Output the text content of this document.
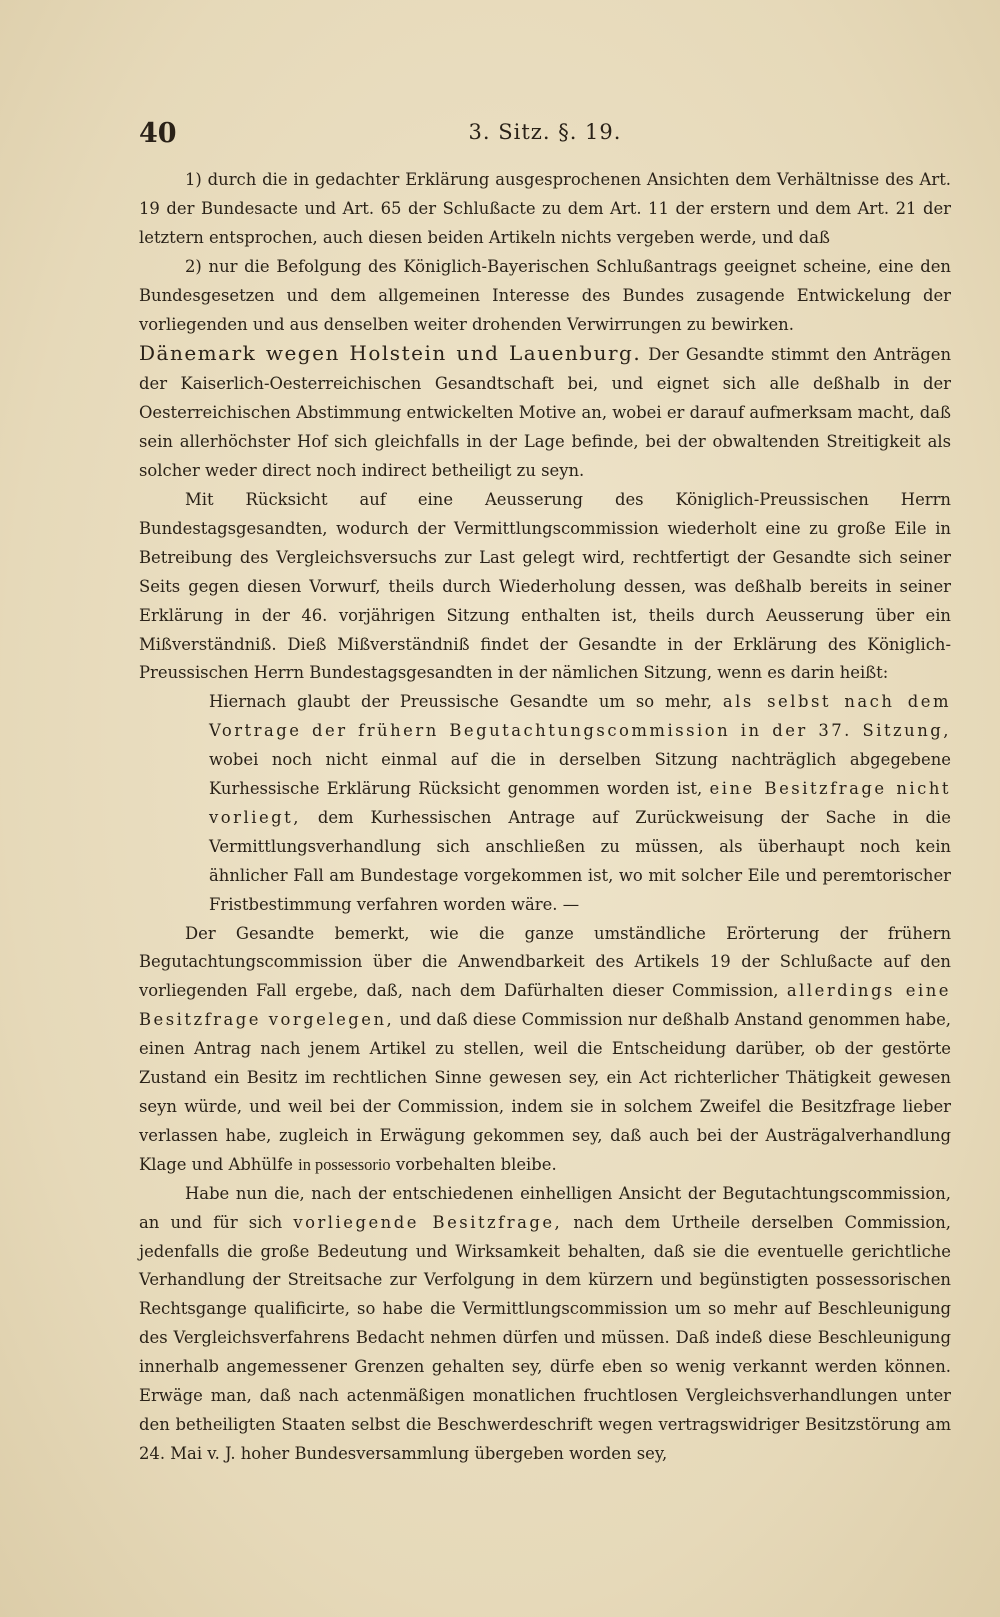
40	3. Sitz. §. 19.

1) durch die in gedachter Erklärung ausgesprochenen Ansichten dem Verhältnisse des Art. 19 der Bundesacte und Art. 65 der Schlußacte zu dem Art. 11 der erstern und dem Art. 21 der letztern entsprochen, auch diesen beiden Artikeln nichts vergeben werde, und daß

2) nur die Befolgung des Königlich-Bayerischen Schlußantrags geeignet scheine, eine den Bundesgesetzen und dem allgemeinen Interesse des Bundes zusagende Entwickelung der vorliegenden und aus denselben weiter drohenden Verwirrungen zu bewirken.

Dänemark wegen Holstein und Lauenburg. Der Gesandte stimmt den Anträgen der Kaiserlich-Oesterreichischen Gesandtschaft bei, und eignet sich alle deßhalb in der Oesterreichischen Abstimmung entwickelten Motive an, wobei er darauf aufmerksam macht, daß sein allerhöchster Hof sich gleichfalls in der Lage befinde, bei der obwaltenden Streitigkeit als solcher weder direct noch indirect betheiligt zu seyn.

Mit Rücksicht auf eine Aeusserung des Königlich-Preussischen Herrn Bundestagsgesandten, wodurch der Vermittlungscommission wiederholt eine zu große Eile in Betreibung des Vergleichsversuchs zur Last gelegt wird, rechtfertigt der Gesandte sich seiner Seits gegen diesen Vorwurf, theils durch Wiederholung dessen, was deßhalb bereits in seiner Erklärung in der 46. vorjährigen Sitzung enthalten ist, theils durch Aeusserung über ein Mißverständniß. Dieß Mißverständniß findet der Gesandte in der Erklärung des Königlich-Preussischen Herrn Bundestagsgesandten in der nämlichen Sitzung, wenn es darin heißt:

Hiernach glaubt der Preussische Gesandte um so mehr, als selbst nach dem Vortrage der frühern Begutachtungscommission in der 37. Sitzung, wobei noch nicht einmal auf die in derselben Sitzung nachträglich abgegebene Kurhessische Erklärung Rücksicht genommen worden ist, eine Besitzfrage nicht vorliegt, dem Kurhessischen Antrage auf Zurückweisung der Sache in die Vermittlungsverhandlung sich anschließen zu müssen, als überhaupt noch kein ähnlicher Fall am Bundestage vorgekommen ist, wo mit solcher Eile und peremtorischer Fristbestimmung verfahren worden wäre. —

Der Gesandte bemerkt, wie die ganze umständliche Erörterung der frühern Begutachtungscommission über die Anwendbarkeit des Artikels 19 der Schlußacte auf den vorliegenden Fall ergebe, daß, nach dem Dafürhalten dieser Commission, allerdings eine Besitzfrage vorgelegen, und daß diese Commission nur deßhalb Anstand genommen habe, einen Antrag nach jenem Artikel zu stellen, weil die Entscheidung darüber, ob der gestörte Zustand ein Besitz im rechtlichen Sinne gewesen sey, ein Act richterlicher Thätigkeit gewesen seyn würde, und weil bei der Commission, indem sie in solchem Zweifel die Besitzfrage lieber verlassen habe, zugleich in Erwägung gekommen sey, daß auch bei der Austrägalverhandlung Klage und Abhülfe in possessorio vorbehalten bleibe.

Habe nun die, nach der entschiedenen einhelligen Ansicht der Begutachtungscommission, an und für sich vorliegende Besitzfrage, nach dem Urtheile derselben Commission, jedenfalls die große Bedeutung und Wirksamkeit behalten, daß sie die eventuelle gerichtliche Verhandlung der Streitsache zur Verfolgung in dem kürzern und begünstigten possessorischen Rechtsgange qualificirte, so habe die Vermittlungscommission um so mehr auf Beschleunigung des Vergleichsverfahrens Bedacht nehmen dürfen und müssen. Daß indeß diese Beschleunigung innerhalb angemessener Grenzen gehalten sey, dürfe eben so wenig verkannt werden können. Erwäge man, daß nach actenmäßigen monatlichen fruchtlosen Vergleichsverhandlungen unter den betheiligten Staaten selbst die Beschwerdeschrift wegen vertragswidriger Besitzstörung am 24. Mai v. J. hoher Bundesversammlung übergeben worden sey,
